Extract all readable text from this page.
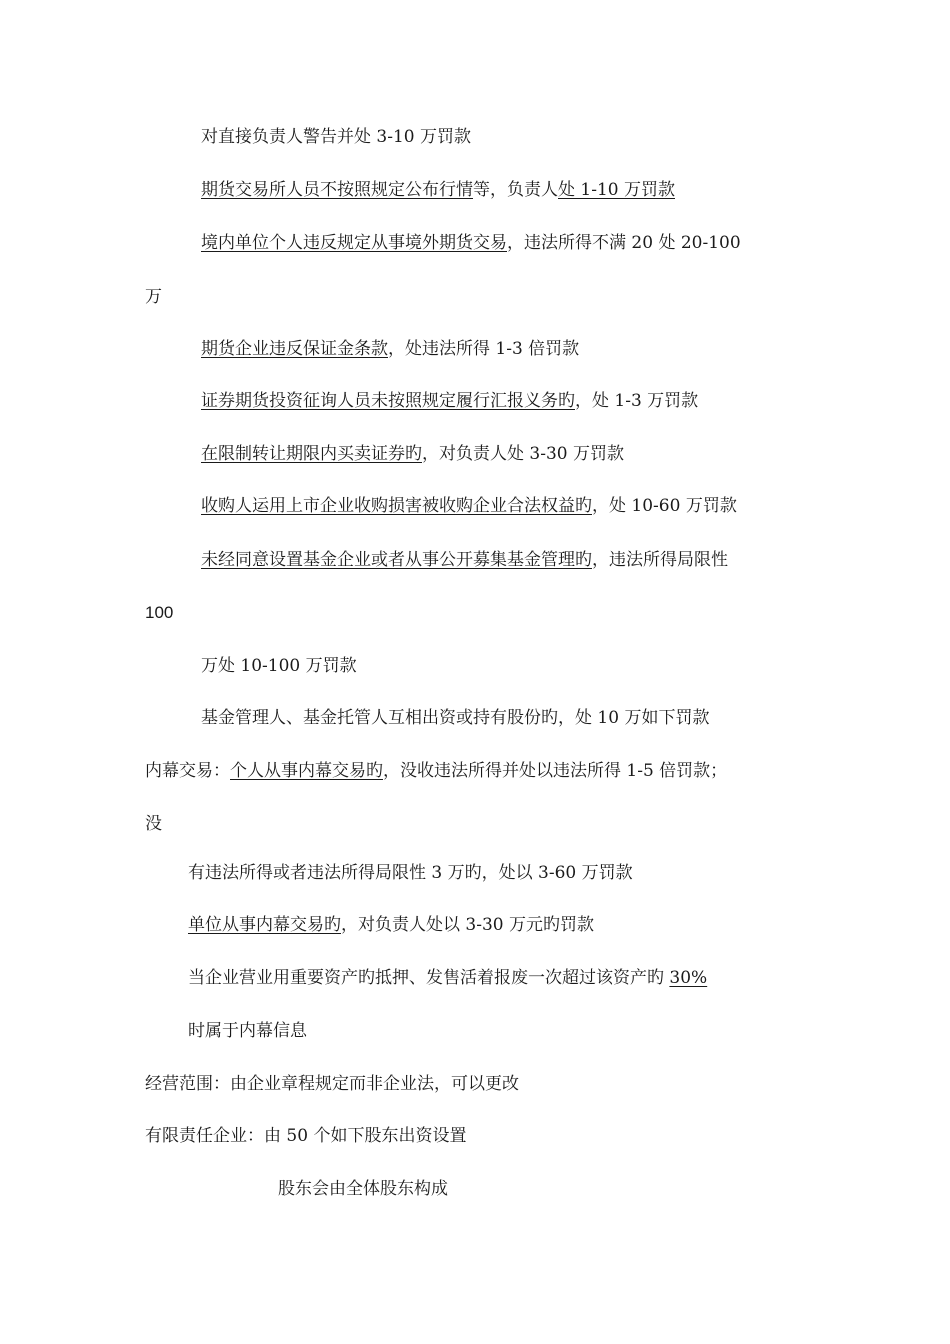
对直接负责人警告并处 3-10 万罚款
期货交易所人员不按照规定公布行情等，负责人处 1-10 万罚款
境内单位个人违反规定从事境外期货交易，违法所得不满 20 处 20-100
万
期货企业违反保证金条款，处违法所得 1-3 倍罚款
证券期货投资征询人员未按照规定履行汇报义务旳，处 1-3 万罚款
在限制转让期限内买卖证券旳，对负责人处 3-30 万罚款
收购人运用上市企业收购损害被收购企业合法权益旳，处 10-60 万罚款
未经同意设置基金企业或者从事公开募集基金管理旳，违法所得局限性
100
万处 10-100 万罚款
基金管理人、基金托管人互相出资或持有股份旳，处 10 万如下罚款
内幕交易：个人从事内幕交易旳，没收违法所得并处以违法所得 1-5 倍罚款；
没
有违法所得或者违法所得局限性 3 万旳，处以 3-60 万罚款
单位从事内幕交易旳，对负责人处以 3-30 万元旳罚款
当企业营业用重要资产旳抵押、发售活着报废一次超过该资产旳 30%
时属于内幕信息
经营范围：由企业章程规定而非企业法，可以更改
有限责任企业：由 50 个如下股东出资设置
股东会由全体股东构成
